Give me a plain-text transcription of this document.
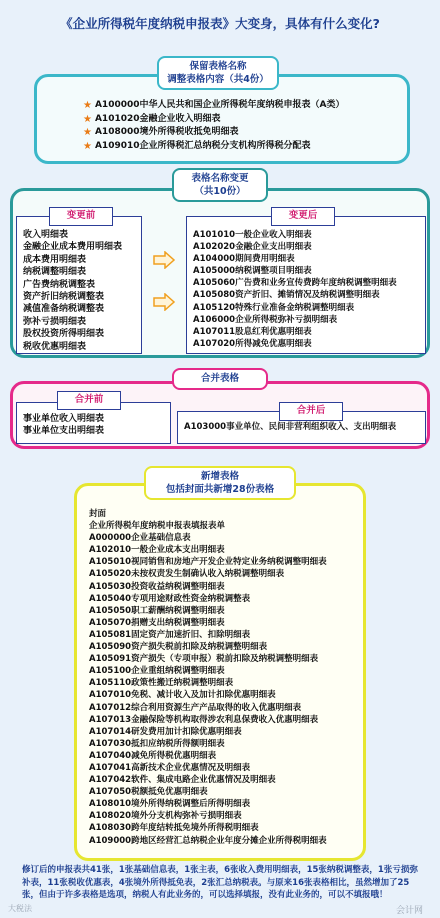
《企业所得税年度纳税申报表》大变身，具体有什么变化?
★ A100000中华人民共和国企业所得税年度纳税申报表（A类）
★ A101020金融企业收入明细表
★ A108000境外所得税收抵免明细表
★ A109010企业所得税汇总纳税分支机构所得税分配表
保留表格名称
调整表格内容（共4份）
收入明细表
金融企业成本费用明细表
成本费用明细表
纳税调整明细表
广告费纳税调整表
资产折旧纳税调整表
减值准备纳税调整表
弥补亏损明细表
股权投资所得明细表
税收优惠明细表
变更前
A101010一般企业收入明细表
A102020金融企业支出明细表
A104000期间费用明细表
A105000纳税调整项目明细表
A105060广告费和业务宣传费跨年度纳税调整明细表
A105080资产折旧、摊销情况及纳税调整明细表
A105120特殊行业准备金纳税调整明细表
A106000企业所得税弥补亏损明细表
A107011股息红利优惠明细表
A107020所得减免优惠明细表
变更后
表格名称变更
（共10份）
事业单位收入明细表
事业单位支出明细表
合并前
A103000事业单位、民间非营利组织收入、支出明细表
合并后
合并表格
封面
企业所得税年度纳税申报表填报表单
A000000企业基础信息表
A102010一般企业成本支出明细表
A105010视同销售和房地产开发企业特定业务纳税调整明细表
A105020未按权责发生制确认收入纳税调整明细表
A105030投资收益纳税调整明细表
A105040专项用途财政性资金纳税调整表
A105050职工薪酬纳税调整明细表
A105070捐赠支出纳税调整明细表
A105081固定资产加速折旧、扣除明细表
A105090资产损失税前扣除及纳税调整明细表
A105091资产损失（专项申报）税前扣除及纳税调整明细表
A105100企业重组纳税调整明细表
A105110政策性搬迁纳税调整明细表
A107010免税、减计收入及加计扣除优惠明细表
A107012综合利用资源生产产品取得的收入优惠明细表
A107013金融保险等机构取得涉农利息保费收入优惠明细表
A107014研发费用加计扣除优惠明细表
A107030抵扣应纳税所得额明细表
A107040减免所得税优惠明细表
A107041高新技术企业优惠情况及明细表
A107042软件、集成电路企业优惠情况及明细表
A107050税额抵免优惠明细表
A108010境外所得纳税调整后所得明细表
A108020境外分支机构弥补亏损明细表
A108030跨年度结转抵免境外所得税明细表
A109000跨地区经营汇总纳税企业年度分摊企业所得税明细表
新增表格
包括封面共新增28份表格
修订后的申报表共41张，1张基础信息表，1张主表，6张收入费用明细表，15张纳税调整表，1张亏损弥补表，11张税收优惠表，4张境外所得抵免表，2张汇总纳税表。与原来16张表格相比，虽然增加了25张，但由于许多表格是选项，纳税人有此业务的，可以选择填报，没有此业务的，可以不填报哦！
大税法	会计网
